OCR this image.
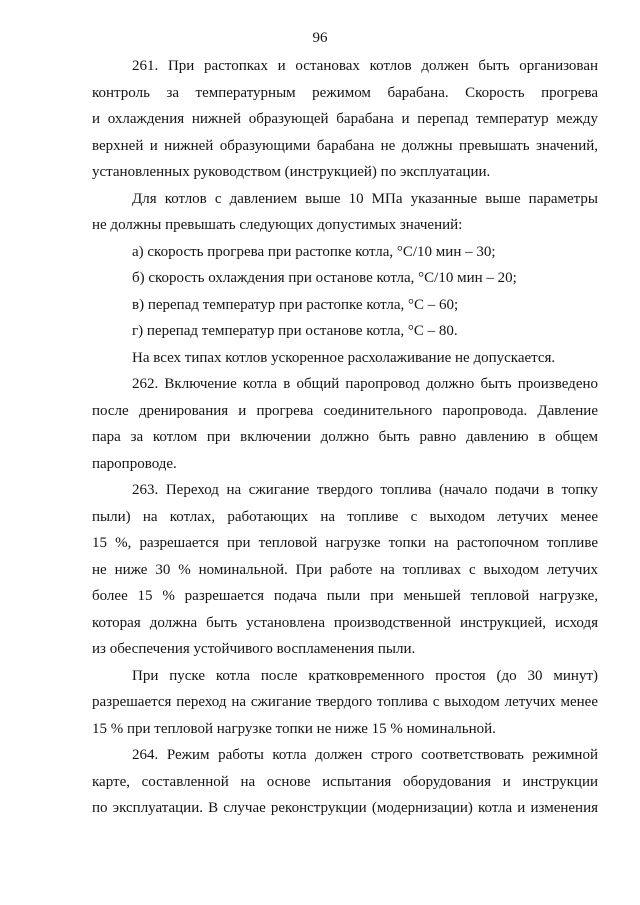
96

261. При растопках и остановах котлов должен быть организован
контроль за температурным режимом барабана. Скорость прогрева
и охлаждения нижней образующей барабана и перепад температур между
верхней и нижней образующими барабана не должны превышать значений,
установленных руководством (инструкцией) по эксплуатации.

Для котлов с давлением выше 10 МПа указанные выше параметры
не должны превышать следующих допустимых значений:

а) скорость прогрева при растопке котла, °С/10 мин – 30;

б) скорость охлаждения при останове котла, °С/10 мин – 20;

в) перепад температур при растопке котла, °С – 60;

г) перепад температур при останове котла, °С – 80.

На всех типах котлов ускоренное расхолаживание не допускается.

262. Включение котла в общий паропровод должно быть произведено
после дренирования и прогрева соединительного паропровода. Давление
пара за котлом при включении должно быть равно давлению в общем
паропроводе.

263. Переход на сжигание твердого топлива (начало подачи в топку
пыли) на котлах, работающих на топливе с выходом летучих менее
15 %, разрешается при тепловой нагрузке топки на растопочном топливе
не ниже 30 % номинальной. При работе на топливах с выходом летучих
более 15 % разрешается подача пыли при меньшей тепловой нагрузке,
которая должна быть установлена производственной инструкцией, исходя
из обеспечения устойчивого воспламенения пыли.

При пуске котла после кратковременного простоя (до 30 минут)
разрешается переход на сжигание твердого топлива с выходом летучих менее
15 % при тепловой нагрузке топки не ниже 15 % номинальной.

264. Режим работы котла должен строго соответствовать режимной
карте, составленной на основе испытания оборудования и инструкции
по эксплуатации. В случае реконструкции (модернизации) котла и изменения
